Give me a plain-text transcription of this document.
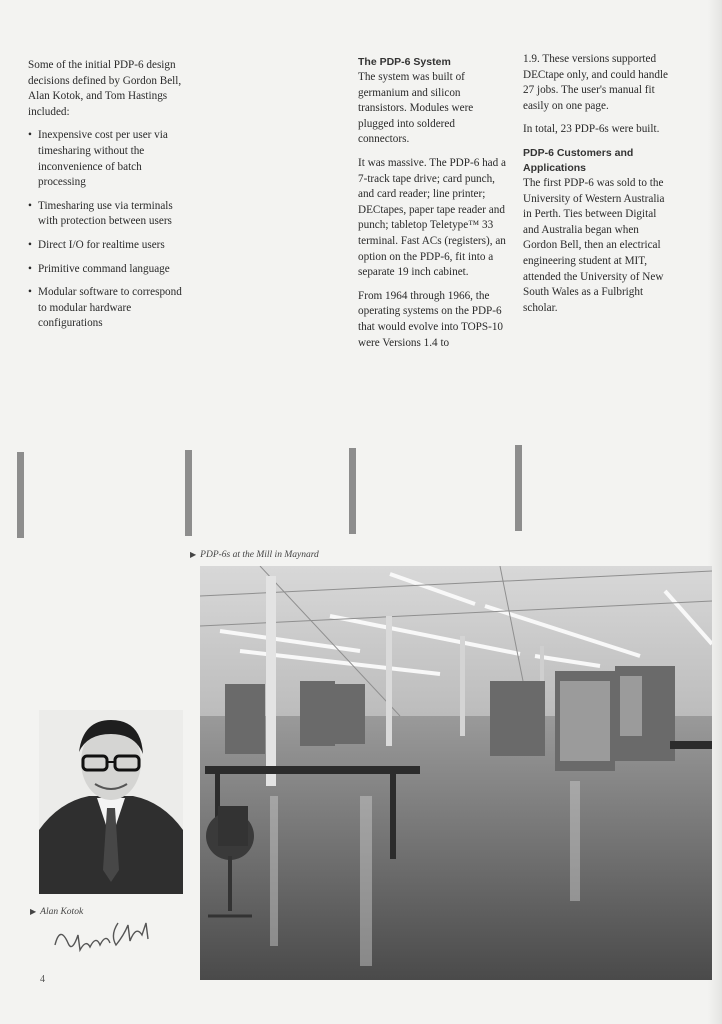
Some of the initial PDP-6 design decisions defined by Gordon Bell, Alan Kotok, and Tom Hastings included:

• Inexpensive cost per user via timesharing without the inconvenience of batch processing
• Timesharing use via terminals with protection between users
• Direct I/O for realtime users
• Primitive command language
• Modular software to correspond to modular hardware configurations
The PDP-6 System

The system was built of germanium and silicon transistors. Modules were plugged into soldered connectors.

It was massive. The PDP-6 had a 7-track tape drive; card punch, and card reader; line printer; DECtapes, paper tape reader and punch; tabletop Teletype™ 33 terminal. Fast ACs (registers), an option on the PDP-6, fit into a separate 19 inch cabinet.

From 1964 through 1966, the operating systems on the PDP-6 that would evolve into TOPS-10 were Versions 1.4 to

1.9. These versions supported DECtape only, and could handle 27 jobs. The user's manual fit easily on one page.

In total, 23 PDP-6s were built.

PDP-6 Customers and Applications

The first PDP-6 was sold to the University of Western Australia in Perth. Ties between Digital and Australia began when Gordon Bell, then an electrical engineering student at MIT, attended the University of New South Wales as a Fulbright scholar.

▶ PDP-6s at the Mill in Maynard
▶ Alan Kotok
4
